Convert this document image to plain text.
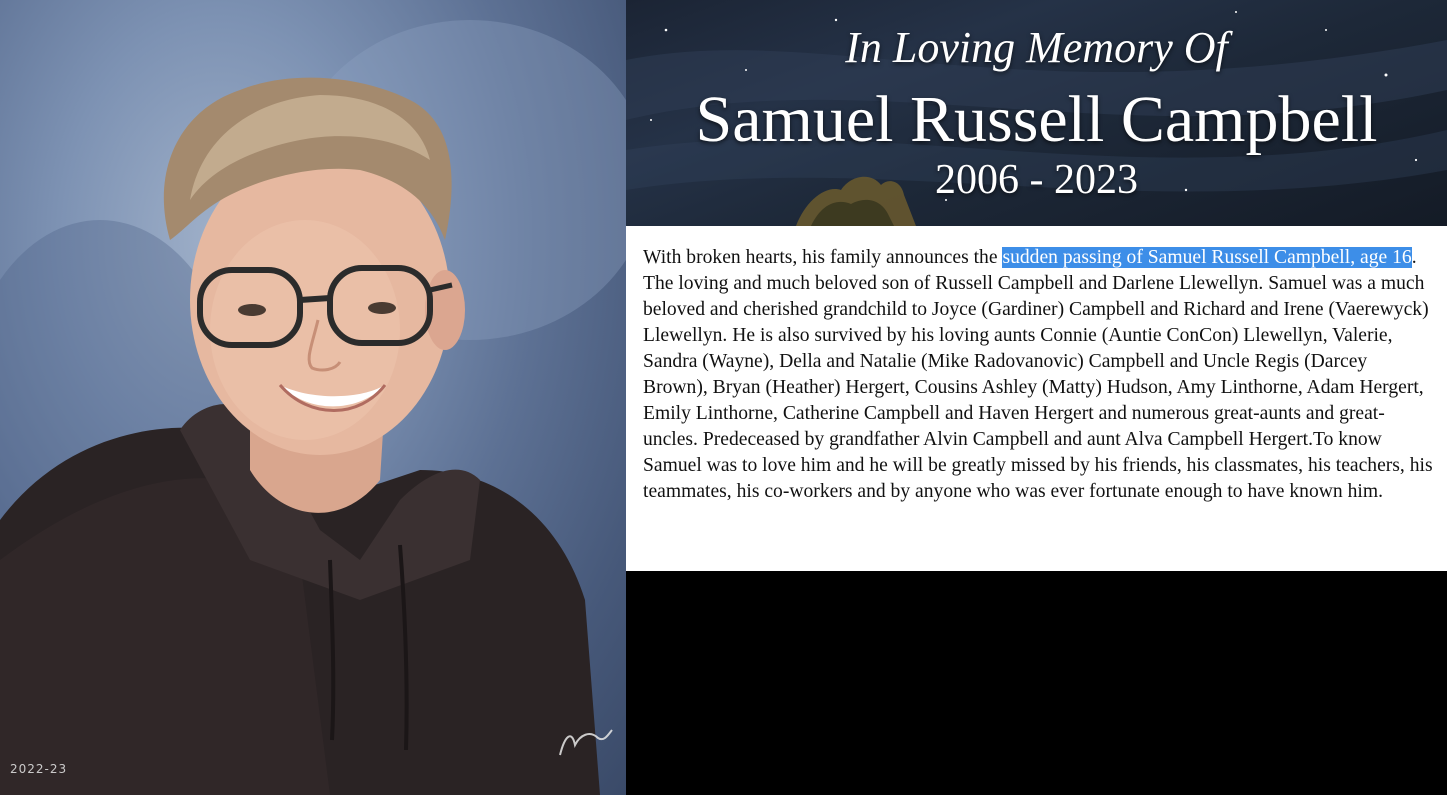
2022-23
In Loving Memory Of
Samuel Russell Campbell
2006 - 2023
With broken hearts, his family announces the sudden passing of Samuel Russell Campbell, age 16. The loving and much beloved son of Russell Campbell and Darlene Llewellyn. Samuel was a much beloved and cherished grandchild to Joyce (Gardiner) Campbell and Richard and Irene (Vaerewyck) Llewellyn. He is also survived by his loving aunts Connie (Auntie ConCon) Llewellyn, Valerie, Sandra (Wayne), Della and Natalie (Mike Radovanovic) Campbell and Uncle Regis (Darcey Brown), Bryan (Heather) Hergert, Cousins Ashley (Matty) Hudson, Amy Linthorne, Adam Hergert, Emily Linthorne, Catherine Campbell and Haven Hergert and numerous great-aunts and great-uncles. Predeceased by grandfather Alvin Campbell and aunt Alva Campbell Hergert.To know Samuel was to love him and he will be greatly missed by his friends, his classmates, his teachers, his teammates, his co-workers and by anyone who was ever fortunate enough to have known him.
